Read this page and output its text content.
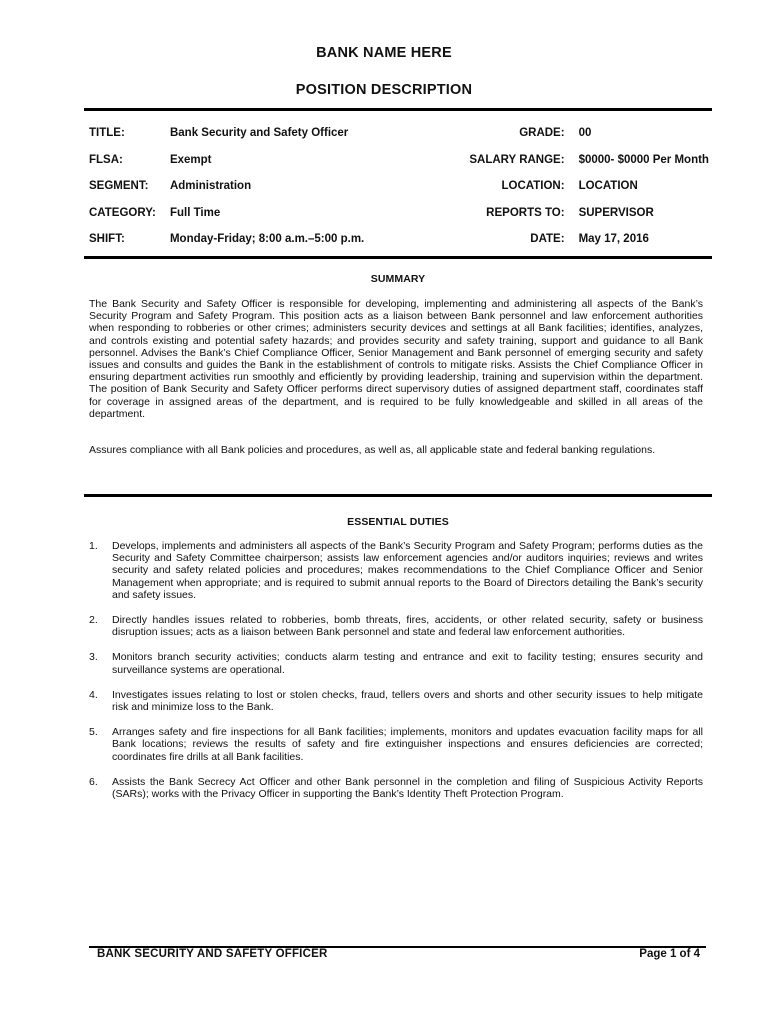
BANK NAME HERE
POSITION DESCRIPTION
TITLE:	Bank Security and Safety Officer	GRADE:	00
FLSA:	Exempt	SALARY RANGE:	$0000- $0000 Per Month
SEGMENT:	Administration	LOCATION:	LOCATION
CATEGORY:	Full Time	REPORTS TO:	SUPERVISOR
SHIFT:	Monday-Friday; 8:00 a.m.–5:00 p.m.	DATE:	May 17, 2016
SUMMARY

The Bank Security and Safety Officer is responsible for developing, implementing and administering all aspects of the Bank’s Security Program and Safety Program. This position acts as a liaison between Bank personnel and law enforcement authorities when responding to robberies or other crimes; administers security devices and settings at all Bank facilities; identifies, analyzes, and controls existing and potential safety hazards; and provides security and safety training, support and guidance to all Bank personnel. Advises the Bank’s Chief Compliance Officer, Senior Management and Bank personnel of emerging security and safety issues and consults and guides the Bank in the establishment of controls to mitigate risks. Assists the Chief Compliance Officer in ensuring department activities run smoothly and efficiently by providing leadership, training and supervision within the department. The position of Bank Security and Safety Officer performs direct supervisory duties of assigned department staff, coordinates staff for coverage in assigned areas of the department, and is required to be fully knowledgeable and skilled in all areas of the department.

Assures compliance with all Bank policies and procedures, as well as, all applicable state and federal banking regulations.

ESSENTIAL DUTIES
1. Develops, implements and administers all aspects of the Bank’s Security Program and Safety Program; performs duties as the Security and Safety Committee chairperson; assists law enforcement agencies and/or auditors inquiries; reviews and writes security and safety related policies and procedures; makes recommendations to the Chief Compliance Officer and Senior Management when appropriate; and is required to submit annual reports to the Board of Directors detailing the Bank’s security and safety issues.
2. Directly handles issues related to robberies, bomb threats, fires, accidents, or other related security, safety or business disruption issues; acts as a liaison between Bank personnel and state and federal law enforcement authorities.
3. Monitors branch security activities; conducts alarm testing and entrance and exit to facility testing; ensures security and surveillance systems are operational.
4. Investigates issues relating to lost or stolen checks, fraud, tellers overs and shorts and other security issues to help mitigate risk and minimize loss to the Bank.
5. Arranges safety and fire inspections for all Bank facilities; implements, monitors and updates evacuation facility maps for all Bank locations; reviews the results of safety and fire extinguisher inspections and ensures deficiencies are corrected; coordinates fire drills at all Bank facilities.
6. Assists the Bank Secrecy Act Officer and other Bank personnel in the completion and filing of Suspicious Activity Reports (SARs); works with the Privacy Officer in supporting the Bank’s Identity Theft Protection Program.
BANK SECURITY AND SAFETY OFFICER	Page 1 of 4
